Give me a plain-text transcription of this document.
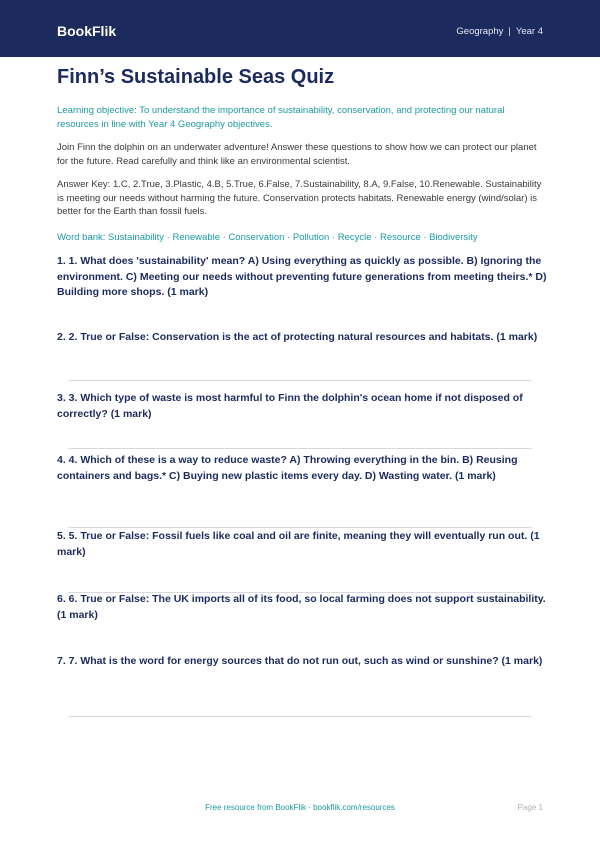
BookFlik	Geography | Year 4
Finn’s Sustainable Seas Quiz
Learning objective: To understand the importance of sustainability, conservation, and protecting our natural resources in line with Year 4 Geography objectives.
Join Finn the dolphin on an underwater adventure! Answer these questions to show how we can protect our planet for the future. Read carefully and think like an environmental scientist.
Answer Key: 1.C, 2.True, 3.Plastic, 4.B, 5.True, 6.False, 7.Sustainability, 8.A, 9.False, 10.Renewable. Sustainability is meeting our needs without harming the future. Conservation protects habitats. Renewable energy (wind/solar) is better for the Earth than fossil fuels.
Word bank: Sustainability · Renewable · Conservation · Pollution · Recycle · Resource · Biodiversity
1. 1. What does 'sustainability' mean? A) Using everything as quickly as possible. B) Ignoring the environment. C) Meeting our needs without preventing future generations from meeting theirs.* D) Building more shops. (1 mark)
2. 2. True or False: Conservation is the act of protecting natural resources and habitats. (1 mark)
3. 3. Which type of waste is most harmful to Finn the dolphin's ocean home if not disposed of correctly? (1 mark)
4. 4. Which of these is a way to reduce waste? A) Throwing everything in the bin. B) Reusing containers and bags.* C) Buying new plastic items every day. D) Wasting water. (1 mark)
5. 5. True or False: Fossil fuels like coal and oil are finite, meaning they will eventually run out. (1 mark)
6. 6. True or False: The UK imports all of its food, so local farming does not support sustainability. (1 mark)
7. 7. What is the word for energy sources that do not run out, such as wind or sunshine? (1 mark)
Free resource from BookFlik · bookflik.com/resources	Page 1
